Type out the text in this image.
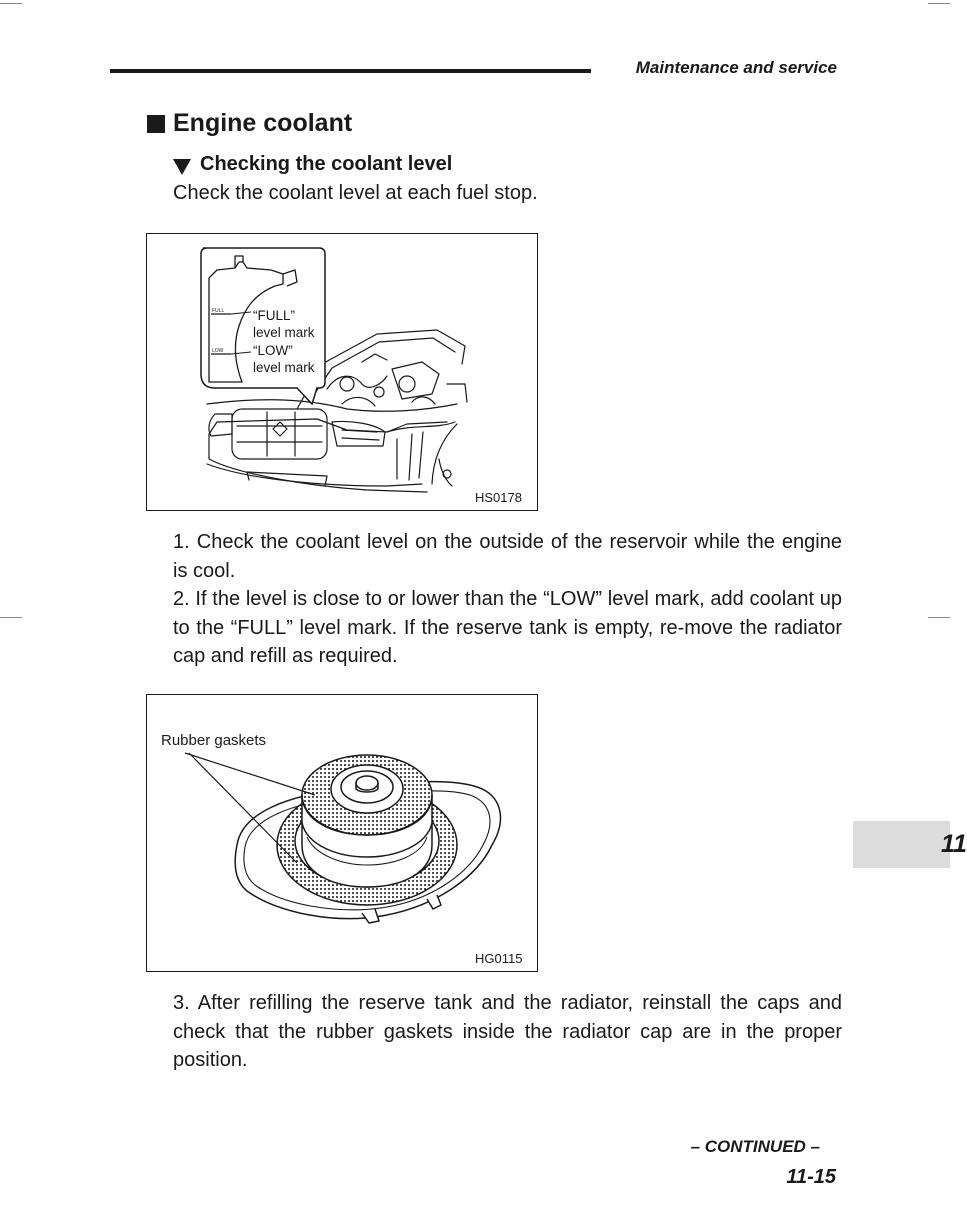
Maintenance and service
Engine coolant
Checking the coolant level
Check the coolant level at each fuel stop.
FULL
LOW
“FULL”
level mark
“LOW”
level mark
HS0178
1. Check the coolant level on the outside of the reservoir while the engine is cool.
2. If the level is close to or lower than the “LOW” level mark, add coolant up to the “FULL” level mark. If the reserve tank is empty, re-move the radiator cap and refill as required.
Rubber gaskets
HG0115
3. After refilling the reserve tank and the radiator, reinstall the caps and check that the rubber gaskets inside the radiator cap are in the proper position.
11
– CONTINUED –
11-15
